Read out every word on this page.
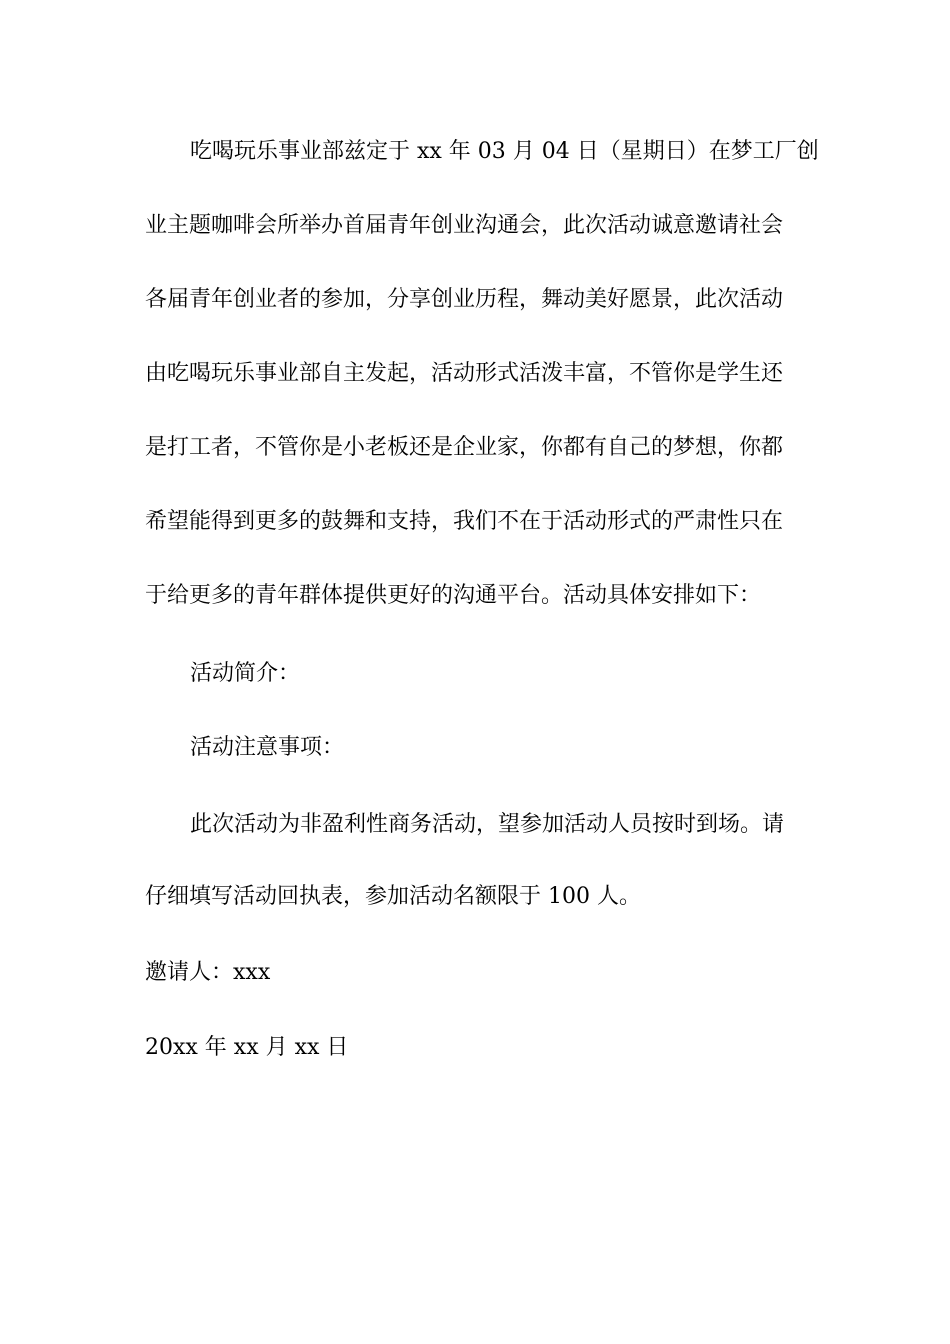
吃喝玩乐事业部兹定于 xx 年 03 月 04 日（星期日）在梦工厂创
业主题咖啡会所举办首届青年创业沟通会，此次活动诚意邀请社会
各届青年创业者的参加，分享创业历程，舞动美好愿景，此次活动
由吃喝玩乐事业部自主发起，活动形式活泼丰富，不管你是学生还
是打工者，不管你是小老板还是企业家，你都有自己的梦想，你都
希望能得到更多的鼓舞和支持，我们不在于活动形式的严肃性只在
于给更多的青年群体提供更好的沟通平台。活动具体安排如下：
活动简介：
活动注意事项：
此次活动为非盈利性商务活动，望参加活动人员按时到场。请
仔细填写活动回执表，参加活动名额限于 100 人。
邀请人：xxx
20xx 年 xx 月 xx 日
